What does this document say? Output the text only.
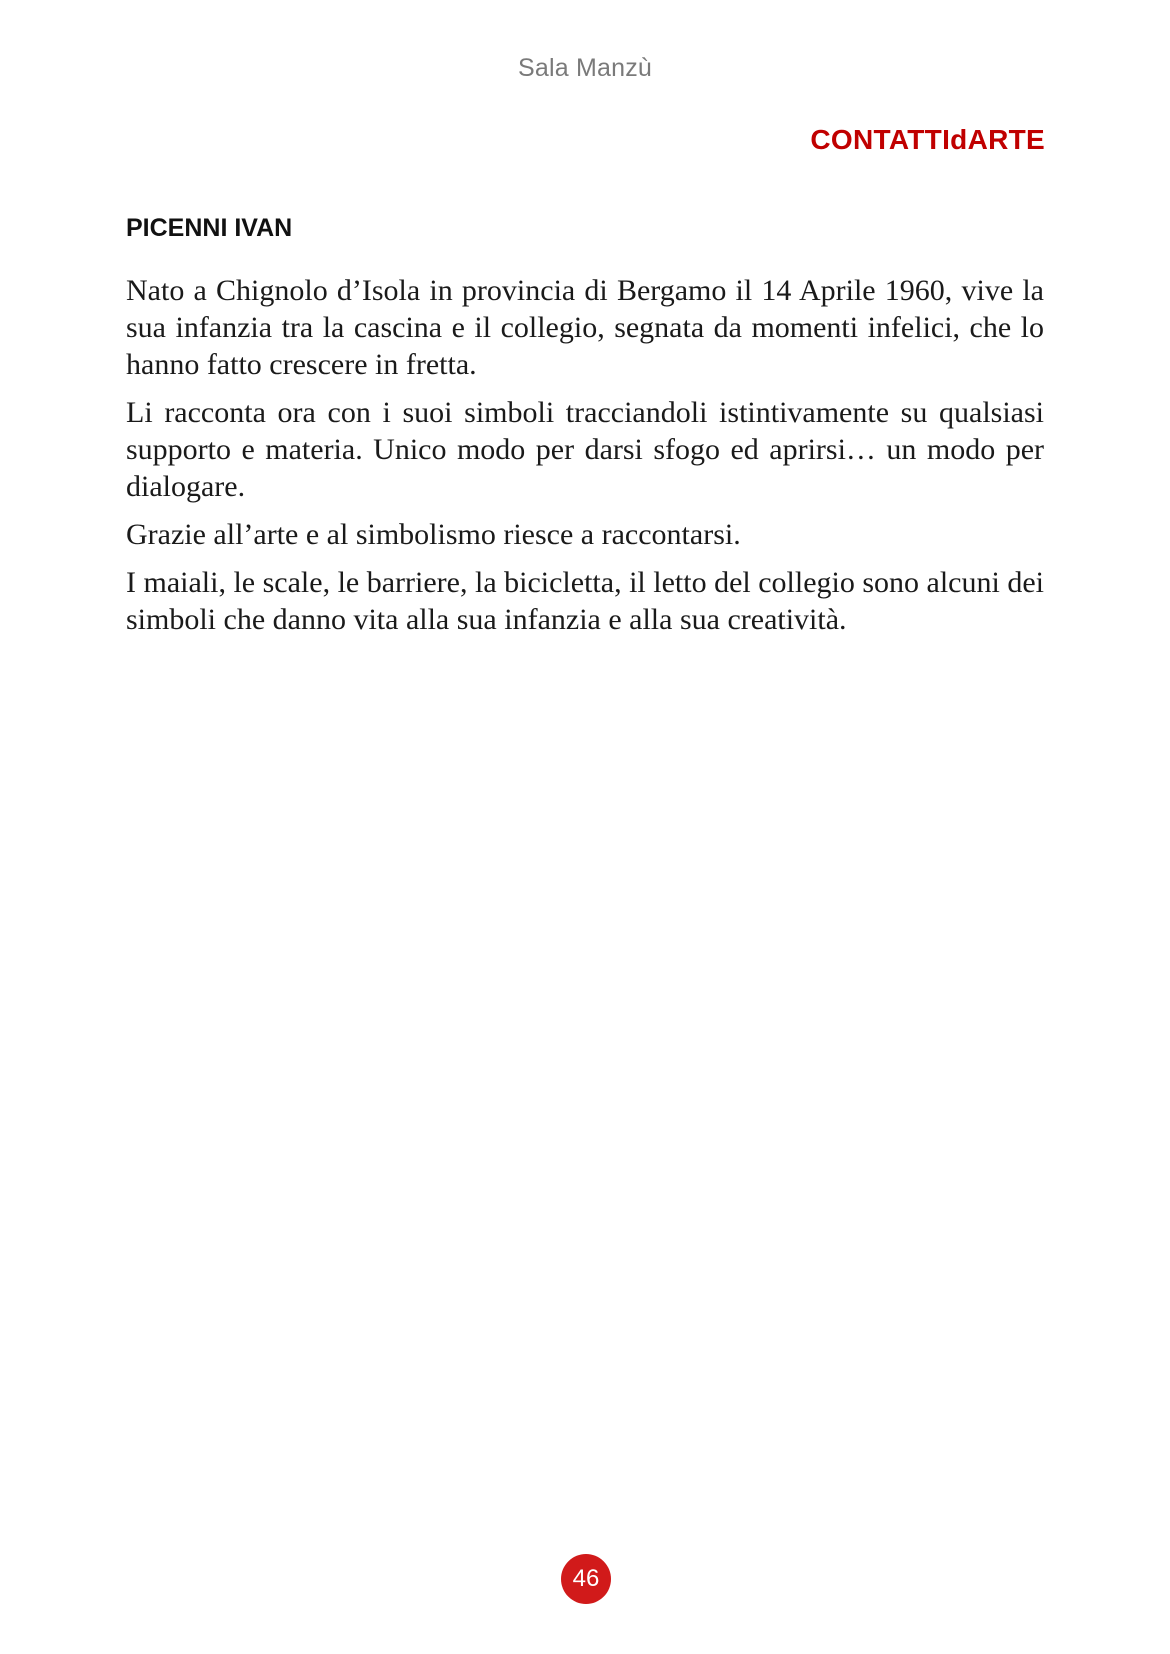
Sala Manzù
CONTATTIdARTE
PICENNI IVAN

Nato a Chignolo d’Isola in provincia di Bergamo il 14 Aprile 1960, vive la sua infanzia tra la cascina e il collegio, segnata da momenti infelici, che lo hanno fatto crescere in fretta.

Li racconta ora con i suoi simboli tracciandoli istintivamente su qualsiasi supporto e materia. Unico modo per darsi sfogo ed aprirsi… un modo per dialogare.

Grazie all’arte e al simbolismo riesce a raccontarsi.

I maiali, le scale, le barriere, la bicicletta, il letto del collegio sono alcuni dei simboli che danno vita alla sua infanzia e alla sua creatività.

46
